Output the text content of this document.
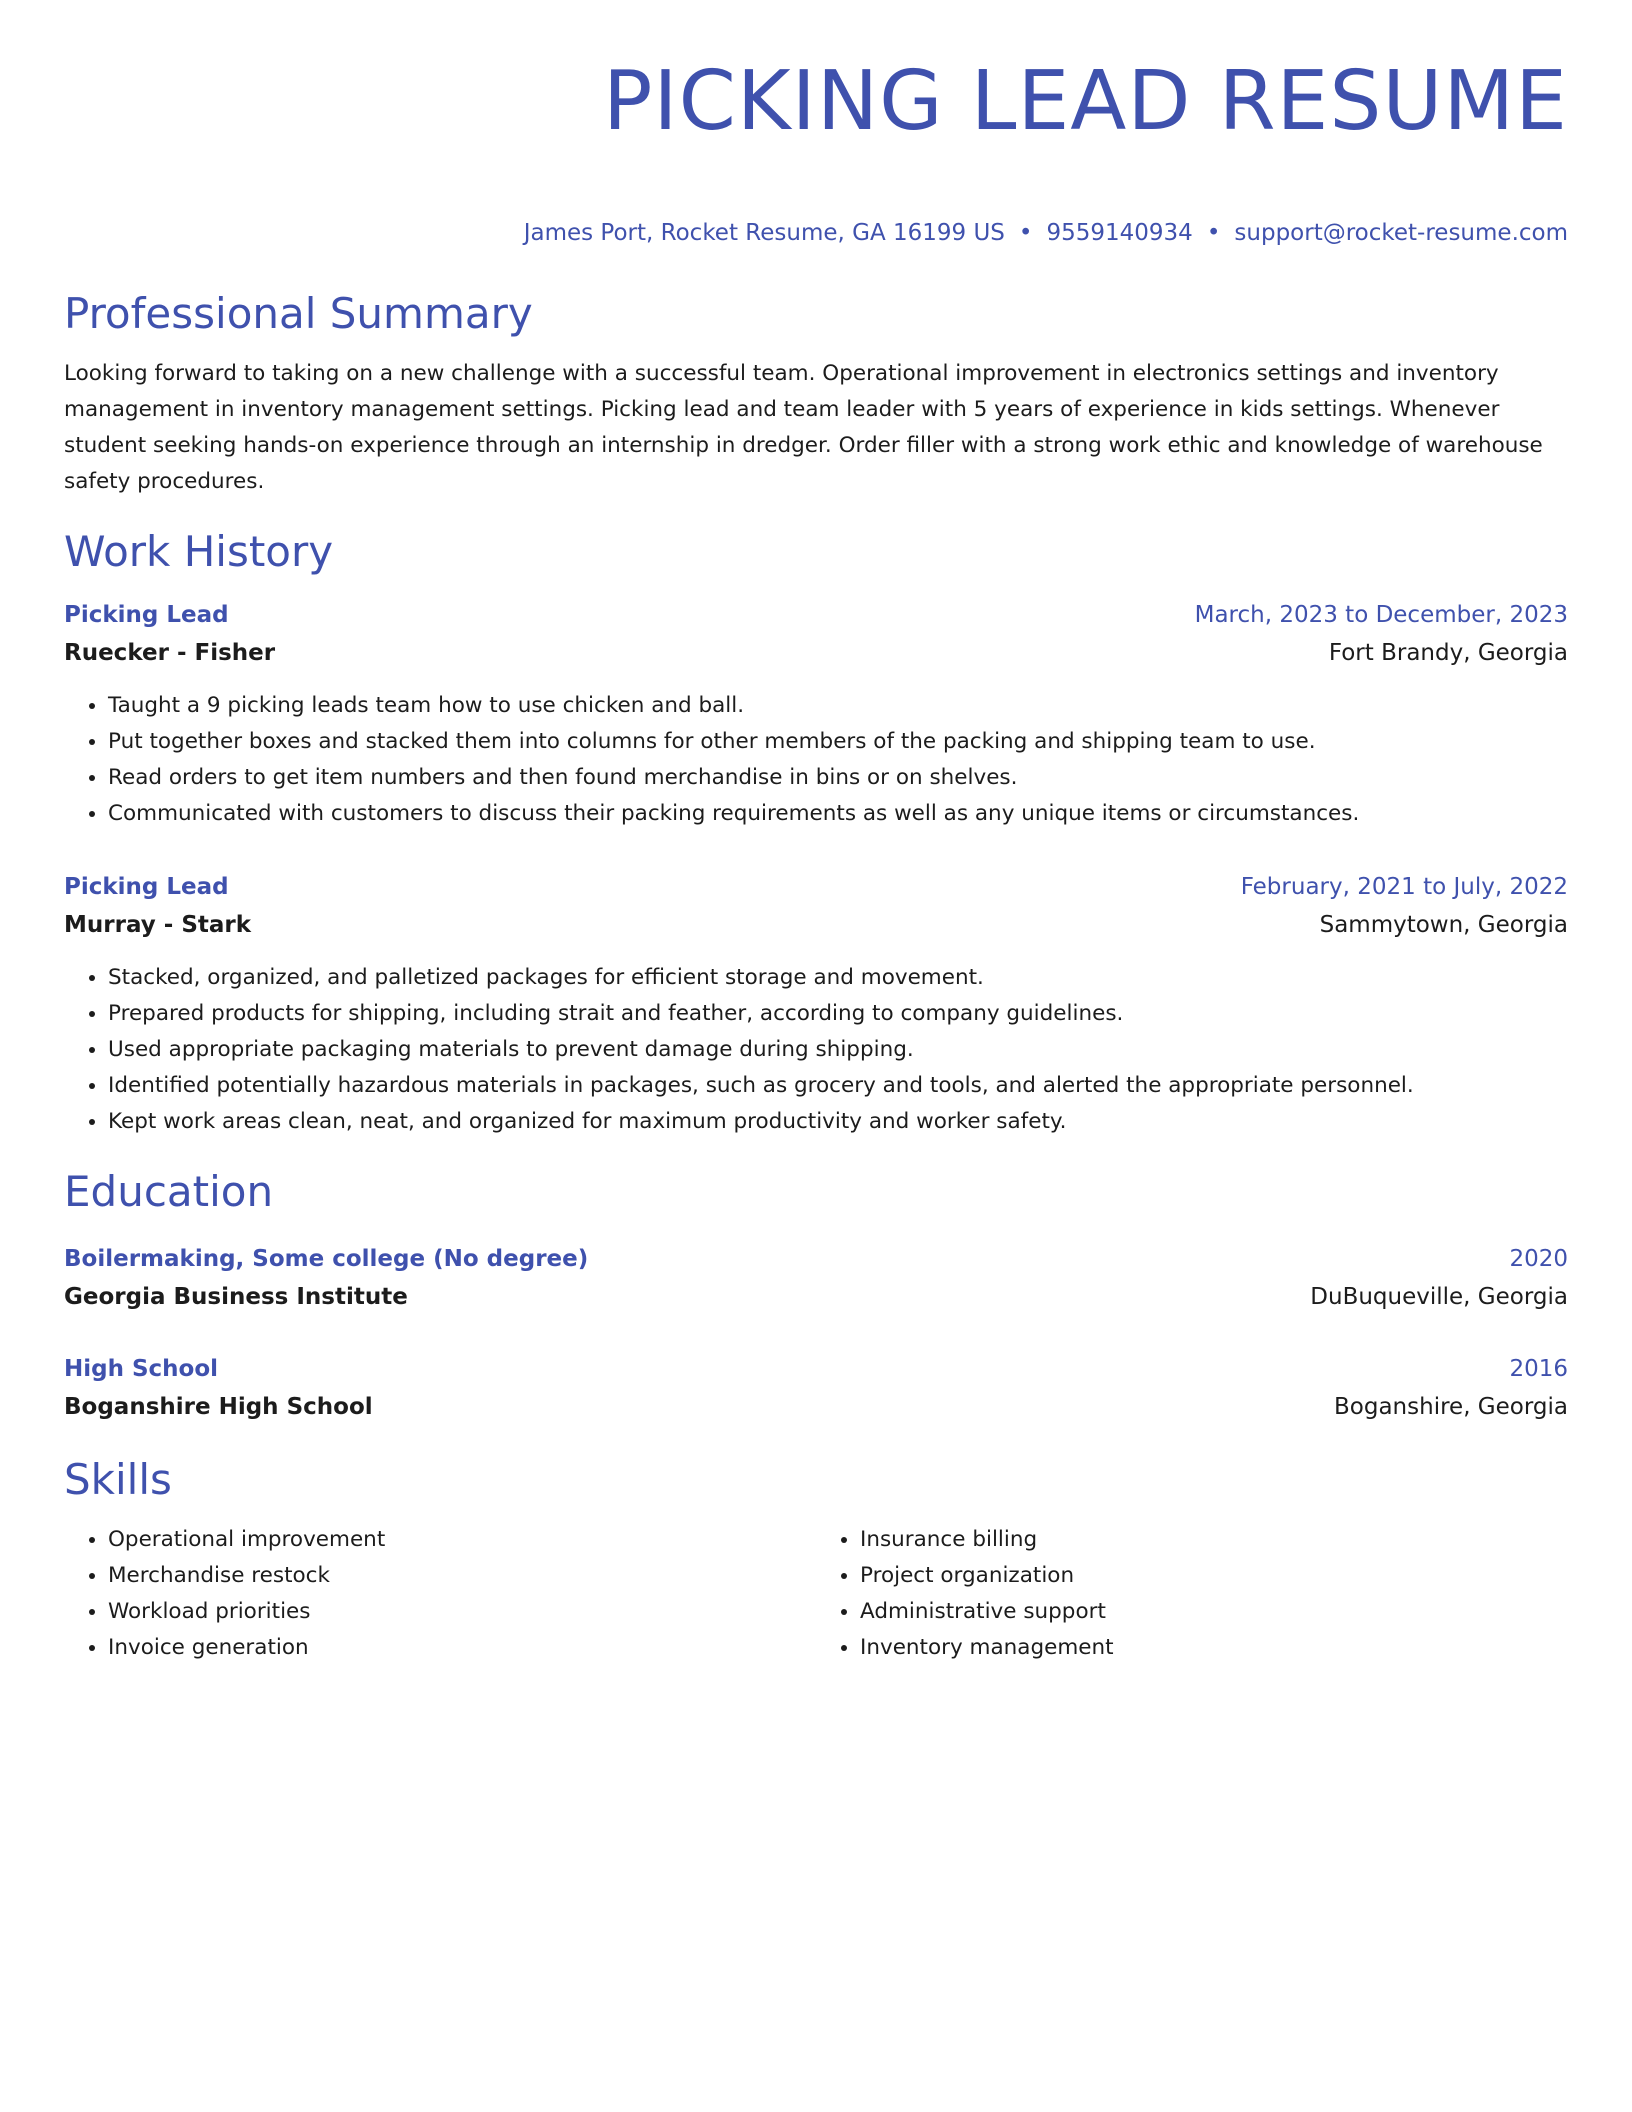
PICKING LEAD RESUME
James Port, Rocket Resume, GA 16199 US • 9559140934 • support@rocket-resume.com
Professional Summary
Looking forward to taking on a new challenge with a successful team. Operational improvement in electronics settings and inventory management in inventory management settings. Picking lead and team leader with 5 years of experience in kids settings. Whenever student seeking hands-on experience through an internship in dredger. Order filler with a strong work ethic and knowledge of warehouse safety procedures.
Work History
Picking Lead	March, 2023 to December, 2023
Ruecker - Fisher	Fort Brandy, Georgia
• Taught a 9 picking leads team how to use chicken and ball.
• Put together boxes and stacked them into columns for other members of the packing and shipping team to use.
• Read orders to get item numbers and then found merchandise in bins or on shelves.
• Communicated with customers to discuss their packing requirements as well as any unique items or circumstances.
Picking Lead	February, 2021 to July, 2022
Murray - Stark	Sammytown, Georgia
• Stacked, organized, and palletized packages for efficient storage and movement.
• Prepared products for shipping, including strait and feather, according to company guidelines.
• Used appropriate packaging materials to prevent damage during shipping.
• Identified potentially hazardous materials in packages, such as grocery and tools, and alerted the appropriate personnel.
• Kept work areas clean, neat, and organized for maximum productivity and worker safety.
Education
Boilermaking, Some college (No degree)	2020
Georgia Business Institute	DuBuqueville, Georgia
High School	2016
Boganshire High School	Boganshire, Georgia
Skills
• Operational improvement
• Merchandise restock
• Workload priorities
• Invoice generation
• Insurance billing
• Project organization
• Administrative support
• Inventory management
